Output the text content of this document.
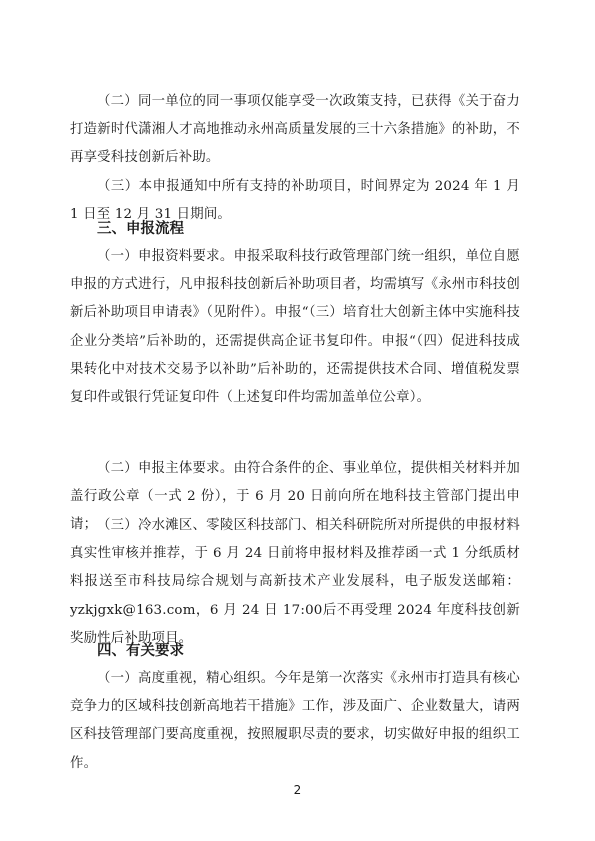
（二）同一单位的同一事项仅能享受一次政策支持，已获得《关于奋力打造新时代潇湘人才高地推动永州高质量发展的三十六条措施》的补助，不再享受科技创新后补助。

（三）本申报通知中所有支持的补助项目，时间界定为 2024 年 1 月 1 日至 12 月 31 日期间。

三、申报流程

（一）申报资料要求。申报采取科技行政管理部门统一组织，单位自愿申报的方式进行，凡申报科技创新后补助项目者，均需填写《永州市科技创新后补助项目申请表》（见附件）。申报“（三）培育壮大创新主体中实施科技企业分类培”后补助的，还需提供高企证书复印件。申报“（四）促进科技成果转化中对技术交易予以补助”后补助的，还需提供技术合同、增值税发票复印件或银行凭证复印件（上述复印件均需加盖单位公章）。

（二）申报主体要求。由符合条件的企、事业单位，提供相关材料并加盖行政公章（一式 2 份），于 6 月 20 日前向所在地科技主管部门提出申请； （三）冷水滩区、零陵区科技部门、相关科研院所对所提供的申报材料真实性审核并推荐，于 6 月 24 日前将申报材料及推荐函一式 1 分纸质材料报送至市科技局综合规划与高新技术产业发展科，电子版发送邮箱：yzkjgxk@163.com，6 月 24 日 17:00后不再受理 2024 年度科技创新奖励性后补助项目。

四、有关要求

（一）高度重视，精心组织。今年是第一次落实《永州市打造具有核心竞争力的区域科技创新高地若干措施》工作，涉及面广、企业数量大，请两区科技管理部门要高度重视，按照履职尽责的要求，切实做好申报的组织工作。

2
